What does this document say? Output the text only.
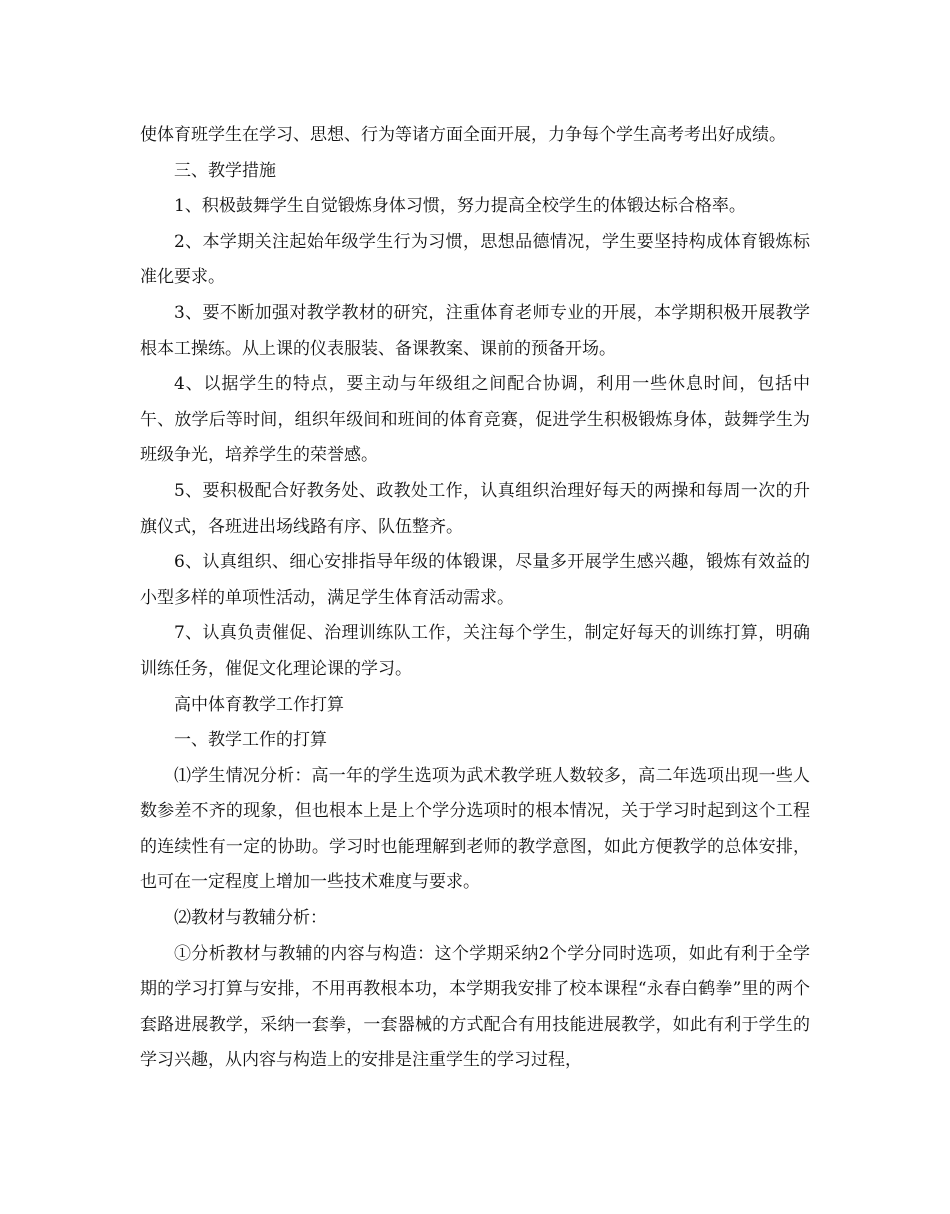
使体育班学生在学习、思想、行为等诸方面全面开展，力争每个学生高考考出好成绩。

三、教学措施

1、积极鼓舞学生自觉锻炼身体习惯，努力提高全校学生的体锻达标合格率。

2、本学期关注起始年级学生行为习惯，思想品德情况，学生要坚持构成体育锻炼标准化要求。

3、要不断加强对教学教材的研究，注重体育老师专业的开展，本学期积极开展教学根本工操练。从上课的仪表服装、备课教案、课前的预备开场。

4、以据学生的特点，要主动与年级组之间配合协调，利用一些休息时间，包括中午、放学后等时间，组织年级间和班间的体育竞赛，促进学生积极锻炼身体，鼓舞学生为班级争光，培养学生的荣誉感。

5、要积极配合好教务处、政教处工作，认真组织治理好每天的两操和每周一次的升旗仪式，各班进出场线路有序、队伍整齐。

6、认真组织、细心安排指导年级的体锻课，尽量多开展学生感兴趣，锻炼有效益的小型多样的单项性活动，满足学生体育活动需求。

7、认真负责催促、治理训练队工作，关注每个学生，制定好每天的训练打算，明确训练任务，催促文化理论课的学习。

高中体育教学工作打算

一、教学工作的打算

⑴学生情况分析：高一年的学生选项为武术教学班人数较多，高二年选项出现一些人数参差不齐的现象，但也根本上是上个学分选项时的根本情况，关于学习时起到这个工程的连续性有一定的协助。学习时也能理解到老师的教学意图，如此方便教学的总体安排，也可在一定程度上增加一些技术难度与要求。

⑵教材与教辅分析：

①分析教材与教辅的内容与构造：这个学期采纳2个学分同时选项，如此有利于全学期的学习打算与安排，不用再教根本功，本学期我安排了校本课程“永春白鹤拳”里的两个套路进展教学，采纳一套拳，一套器械的方式配合有用技能进展教学，如此有利于学生的学习兴趣，从内容与构造上的安排是注重学生的学习过程，
